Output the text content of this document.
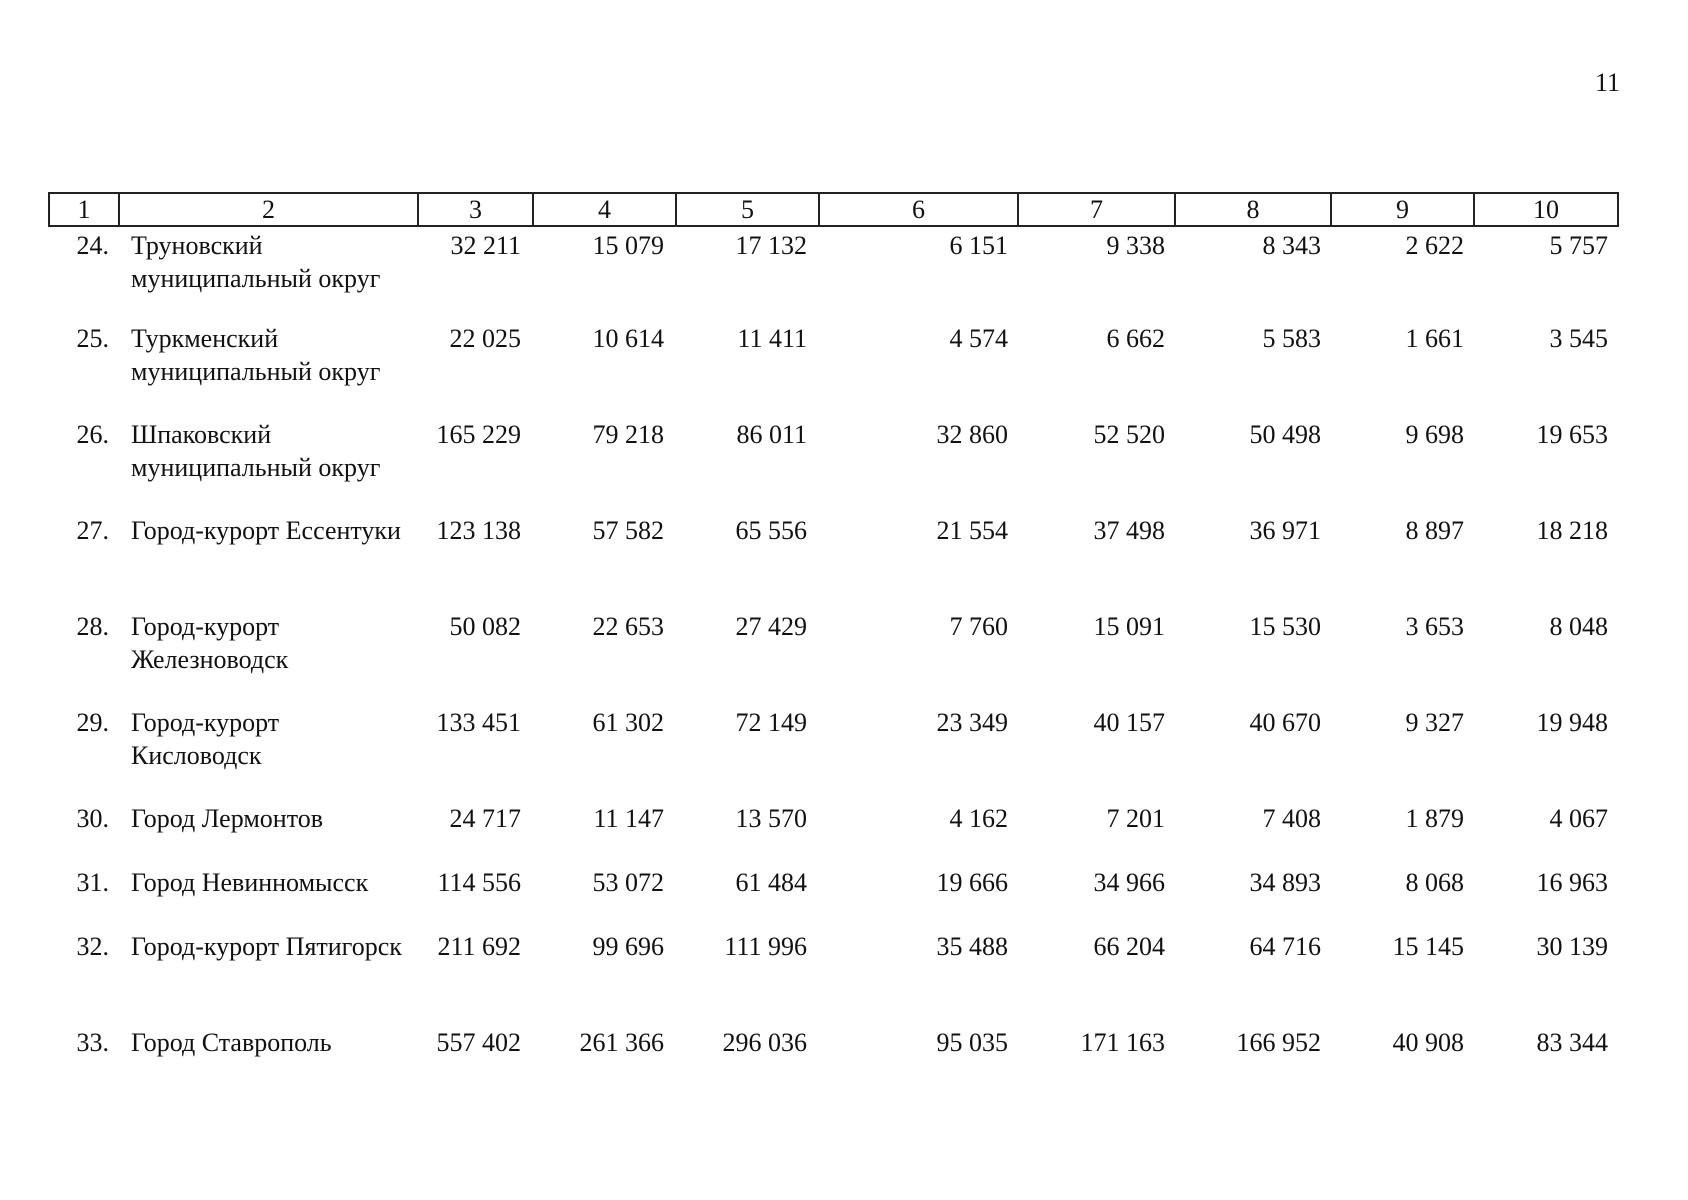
11
1	2	3	4	5	6	7	8	9	10
24.	Труновский муниципальный округ	32 211	15 079	17 132	6 151	9 338	8 343	2 622	5 757
25.	Туркменский муниципальный округ	22 025	10 614	11 411	4 574	6 662	5 583	1 661	3 545
26.	Шпаковский муниципальный округ	165 229	79 218	86 011	32 860	52 520	50 498	9 698	19 653
27.	Город-курорт Ессентуки	123 138	57 582	65 556	21 554	37 498	36 971	8 897	18 218
28.	Город-курорт Железноводск	50 082	22 653	27 429	7 760	15 091	15 530	3 653	8 048
29.	Город-курорт Кисловодск	133 451	61 302	72 149	23 349	40 157	40 670	9 327	19 948
30.	Город Лермонтов	24 717	11 147	13 570	4 162	7 201	7 408	1 879	4 067
31.	Город Невинномысск	114 556	53 072	61 484	19 666	34 966	34 893	8 068	16 963
32.	Город-курорт Пятигорск	211 692	99 696	111 996	35 488	66 204	64 716	15 145	30 139
33.	Город Ставрополь	557 402	261 366	296 036	95 035	171 163	166 952	40 908	83 344
